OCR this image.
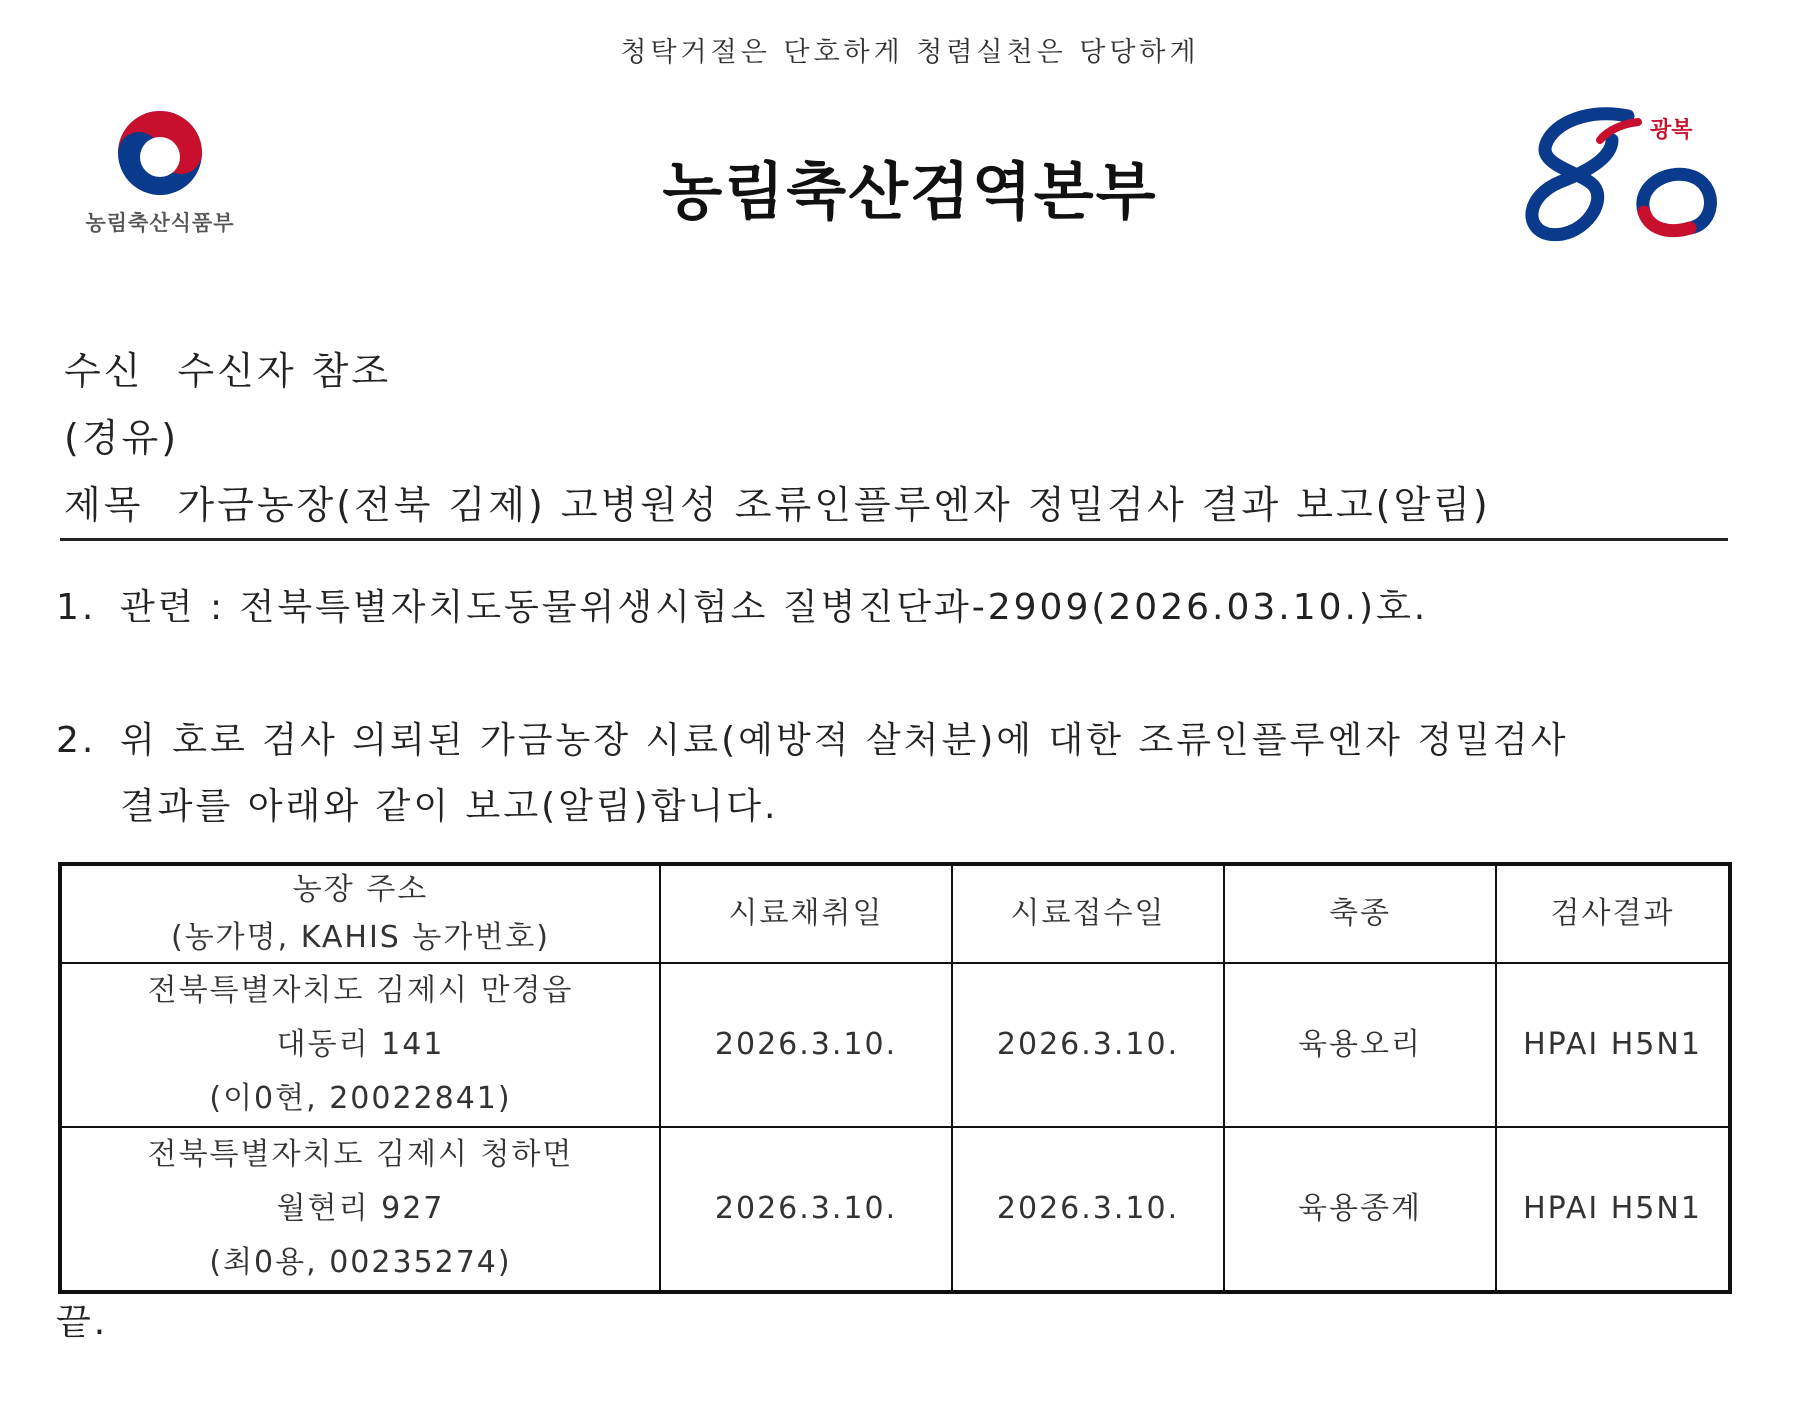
청탁거절은 단호하게 청렴실천은 당당하게
농림축산식품부	농림축산검역본부
광복
수신 수신자 참조
(경유)
제목 가금농장(전북 김제) 고병원성 조류인플루엔자 정밀검사 결과 보고(알림)
1. 관련 : 전북특별자치도동물위생시험소 질병진단과-2909(2026.03.10.)호.
2. 위 호로 검사 의뢰된 가금농장 시료(예방적 살처분)에 대한 조류인플루엔자 정밀검사
결과를 아래와 같이 보고(알림)합니다.
농장 주소
(농가명, KAHIS 농가번호)	시료채취일	시료접수일	축종	검사결과

전북특별자치도 김제시 만경읍
대동리 141
(이0현, 20022841)	2026.3.10.	2026.3.10.	육용오리	HPAI H5N1

전북특별자치도 김제시 청하면
월현리 927
(최0용, 00235274)	2026.3.10.	2026.3.10.	육용종계	HPAI H5N1
끝.
